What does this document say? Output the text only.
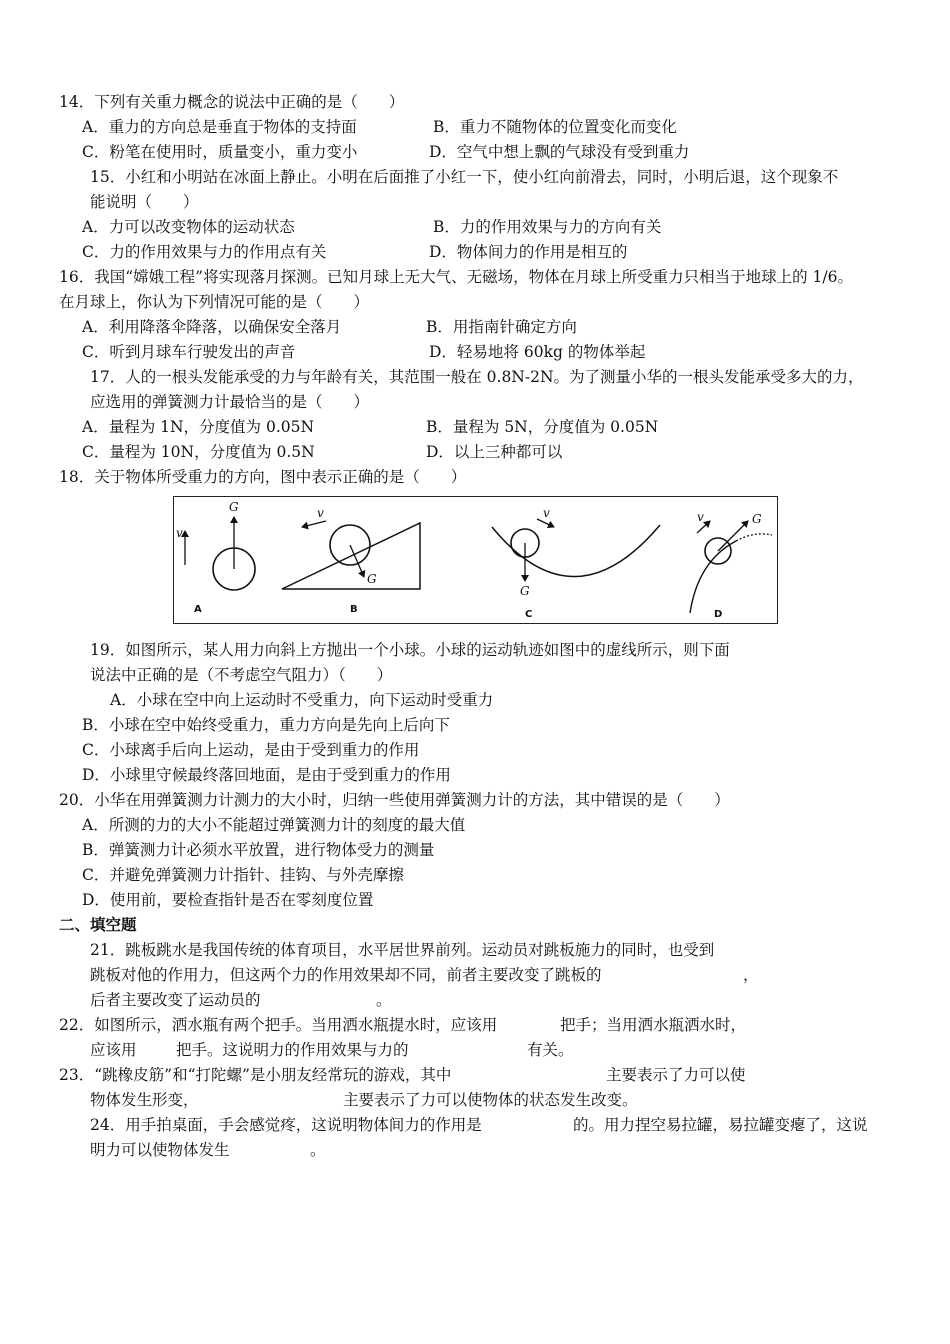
14．下列有关重力概念的说法中正确的是（　　）
A．重力的方向总是垂直于物体的支持面	B．重力不随物体的位置变化而变化
C．粉笔在使用时，质量变小，重力变小	D．空气中想上飘的气球没有受到重力
15．小红和小明站在冰面上静止。小明在后面推了小红一下，使小红向前滑去，同时，小明后退，这个现象不
能说明（　　）
A．力可以改变物体的运动状态	B．力的作用效果与力的方向有关
C．力的作用效果与力的作用点有关	D．物体间力的作用是相互的
16．我国“嫦娥工程”将实现落月探测。已知月球上无大气、无磁场，物体在月球上所受重力只相当于地球上的 1/6。
在月球上，你认为下列情况可能的是（　　）
A．利用降落伞降落，以确保安全落月	B．用指南针确定方向
C．听到月球车行驶发出的声音	D．轻易地将 60kg 的物体举起
17．人的一根头发能承受的力与年龄有关，其范围一般在 0.8N-2N。为了测量小华的一根头发能承受多大的力，
应选用的弹簧测力计最恰当的是（　　）
A．量程为 1N，分度值为 0.05N	B．量程为 5N，分度值为 0.05N
C．量程为 10N，分度值为 0.5N	D．以上三种都可以
18．关于物体所受重力的方向，图中表示正确的是（　　）
v
G
A
G
v
B
G
v
C
G
v
D
19．如图所示，某人用力向斜上方抛出一个小球。小球的运动轨迹如图中的虚线所示，则下面
说法中正确的是（不考虑空气阻力）（　　）
A．小球在空中向上运动时不受重力，向下运动时受重力
B．小球在空中始终受重力，重力方向是先向上后向下
C．小球离手后向上运动，是由于受到重力的作用
D．小球里守候最终落回地面，是由于受到重力的作用
20．小华在用弹簧测力计测力的大小时，归纳一些使用弹簧测力计的方法，其中错误的是（　　）
A．所测的力的大小不能超过弹簧测力计的刻度的最大值
B．弹簧测力计必须水平放置，进行物体受力的测量
C．并避免弹簧测力计指针、挂钩、与外壳摩擦
D．使用前，要检查指针是否在零刻度位置
二、填空题
21．跳板跳水是我国传统的体育项目，水平居世界前列。运动员对跳板施力的同时，也受到
跳板对他的作用力，但这两个力的作用效果却不同，前者主要改变了跳板的	，
后者主要改变了运动员的	。
22．如图所示，洒水瓶有两个把手。当用洒水瓶提水时，应该用	把手；当用洒水瓶洒水时，
应该用	把手。这说明力的作用效果与力的	有关。
23．“跳橡皮筋”和“打陀螺”是小朋友经常玩的游戏，其中	主要表示了力可以使
物体发生形变，	主要表示了力可以使物体的状态发生改变。
24．用手拍桌面，手会感觉疼，这说明物体间力的作用是	的。用力捏空易拉罐，易拉罐变瘪了，这说
明力可以使物体发生	。
